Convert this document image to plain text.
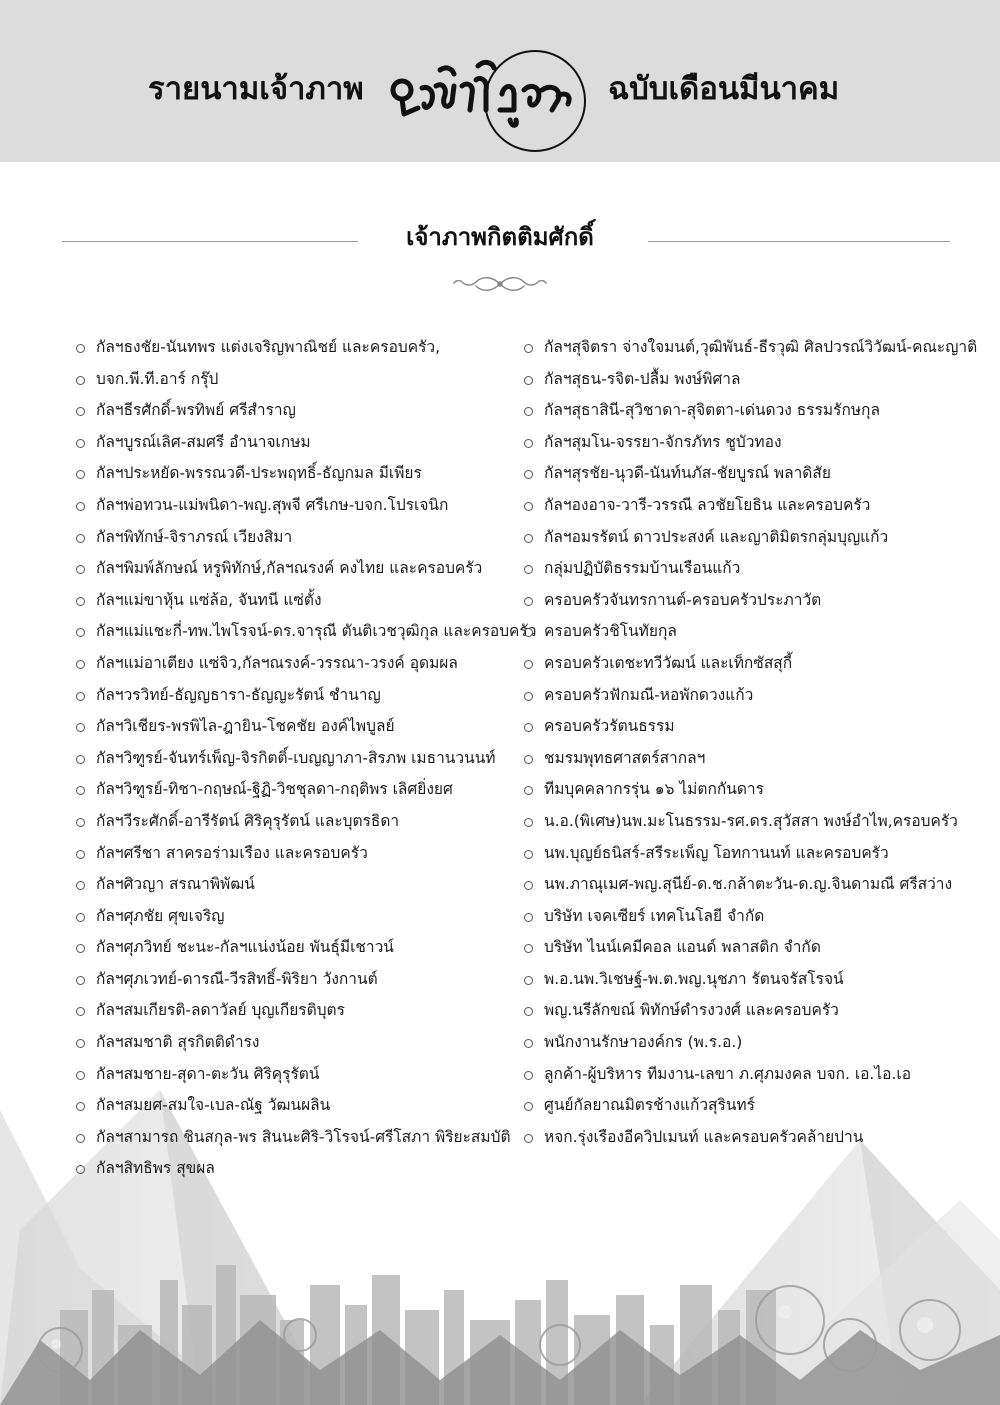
รายนามเจ้าภาพ
อยู่ในบุญ
ฉบับเดือนมีนาคม
เจ้าภาพกิตติมศักดิ์
กัลฯธงชัย-นันทพร แต่งเจริญพาณิชย์ และครอบครัว,
บจก.พี.ที.อาร์ กรุ๊ป
กัลฯธีรศักดิ์-พรทิพย์ ศรีสำราญ
กัลฯบูรณ์เลิศ-สมศรี อำนาจเกษม
กัลฯประหยัด-พรรณวดี-ประพฤทธิ์-ธัญกมล มีเพียร
กัลฯพ่อทวน-แม่พนิดา-พญ.สุพจี ศรีเกษ-บจก.โปรเจนิก
กัลฯพิทักษ์-จิราภรณ์ เวียงสิมา
กัลฯพิมพ์ลักษณ์ หรูพิทักษ์,กัลฯณรงค์ คงไทย และครอบครัว
กัลฯแม่ขาหุ้น แซ่ล้อ, จันทนี แซ่ตั้ง
กัลฯแม่แชะกี่-ทพ.ไพโรจน์-ดร.จารุณี ตันติเวชวุฒิกุล และครอบครัว
กัลฯแม่อาเตียง แซ่จิว,กัลฯณรงค์-วรรณา-วรงค์ อุดมผล
กัลฯวรวิทย์-ธัญญธารา-ธัญญะรัตน์ ชำนาญ
กัลฯวิเชียร-พรพิไล-ฎายิน-โชคชัย องค์ไพบูลย์
กัลฯวิฑูรย์-จันทร์เพ็ญ-จิรกิตติ์-เบญญาภา-สิรภพ เมธานวนนท์
กัลฯวิฑูรย์-ทิชา-กฤษณ์-ฐิฏิ-วิชชุลดา-กฤติพร เลิศยิ่งยศ
กัลฯวีระศักดิ์-อารีรัตน์ ศิริคุรุรัตน์ และบุตรธิดา
กัลฯศรีชา สาครอร่ามเรือง และครอบครัว
กัลฯศิวญา สรณาพิพัฒน์
กัลฯศุภชัย ศุขเจริญ
กัลฯศุภวิทย์ ชะนะ-กัลฯแน่งน้อย พันธุ์มีเชาวน์
กัลฯศุภเวทย์-ดารณี-วีรสิทธิ์-พิริยา วังกานต์
กัลฯสมเกียรติ-ลดาวัลย์ บุญเกียรติบุตร
กัลฯสมชาติ สุรกิตติดำรง
กัลฯสมชาย-สุดา-ตะวัน ศิริคุรุรัตน์
กัลฯสมยศ-สมใจ-เบล-ณัฐ วัฒนผลิน
กัลฯสามารถ ชินสกุล-พร สินนะศิริ-วิโรจน์-ศรีโสภา พิริยะสมบัติ
กัลฯสิทธิพร สุขผล
กัลฯสุจิตรา จ่างใจมนต์,วุฒิพันธ์-ธีรวุฒิ ศิลปวรณ์วิวัฒน์-คณะญาติ
กัลฯสุธน-รจิต-ปลื้ม พงษ์พิศาล
กัลฯสุธาสินี-สุวิชาดา-สุจิตตา-เด่นดวง ธรรมรักษกุล
กัลฯสุมโน-จรรยา-จักรภัทร ชูบัวทอง
กัลฯสุรชัย-นุวดี-นันท์นภัส-ชัยบูรณ์ พลาดิสัย
กัลฯองอาจ-วารี-วรรณี ลวชัยโยธิน และครอบครัว
กัลฯอมรรัตน์ ดาวประสงค์ และญาติมิตรกลุ่มบุญแก้ว
กลุ่มปฏิบัติธรรมบ้านเรือนแก้ว
ครอบครัวจันทรกานต์-ครอบครัวประภาวัต
ครอบครัวชิโนทัยกุล
ครอบครัวเตชะทวีวัฒน์ และเท็กซัสสุกี้
ครอบครัวฟักมณี-หอพักดวงแก้ว
ครอบครัวรัตนธรรม
ชมรมพุทธศาสตร์สากลฯ
ทีมบุคคลากรรุ่น ๑๖ ไม่ตกกันดาร
น.อ.(พิเศษ)นพ.มะโนธรรม-รศ.ดร.สุวัสสา พงษ์อำไพ,ครอบครัว
นพ.บุญย์ธนิสร์-สรีระเพ็ญ โอทกานนท์ และครอบครัว
นพ.ภาณุเมศ-พญ.สุนีย์-ด.ช.กล้าตะวัน-ด.ญ.จินดามณี ศรีสว่าง
บริษัท เจคเซียร์ เทคโนโลยี จำกัด
บริษัท ไนน์เคมีคอล แอนด์ พลาสติก จำกัด
พ.อ.นพ.วิเชษฐ์-พ.ต.พญ.นุชภา รัตนจรัสโรจน์
พญ.นรีลักขณ์ พิทักษ์ดำรงวงศ์ และครอบครัว
พนักงานรักษาองค์กร (พ.ร.อ.)
ลูกค้า-ผู้บริหาร ทีมงาน-เลขา ภ.ศุภมงคล บจก. เอ.ไอ.เอ
ศูนย์กัลยาณมิตรช้างแก้วสุรินทร์
หจก.รุ่งเรืองอีควิปเมนท์ และครอบครัวคล้ายปาน
